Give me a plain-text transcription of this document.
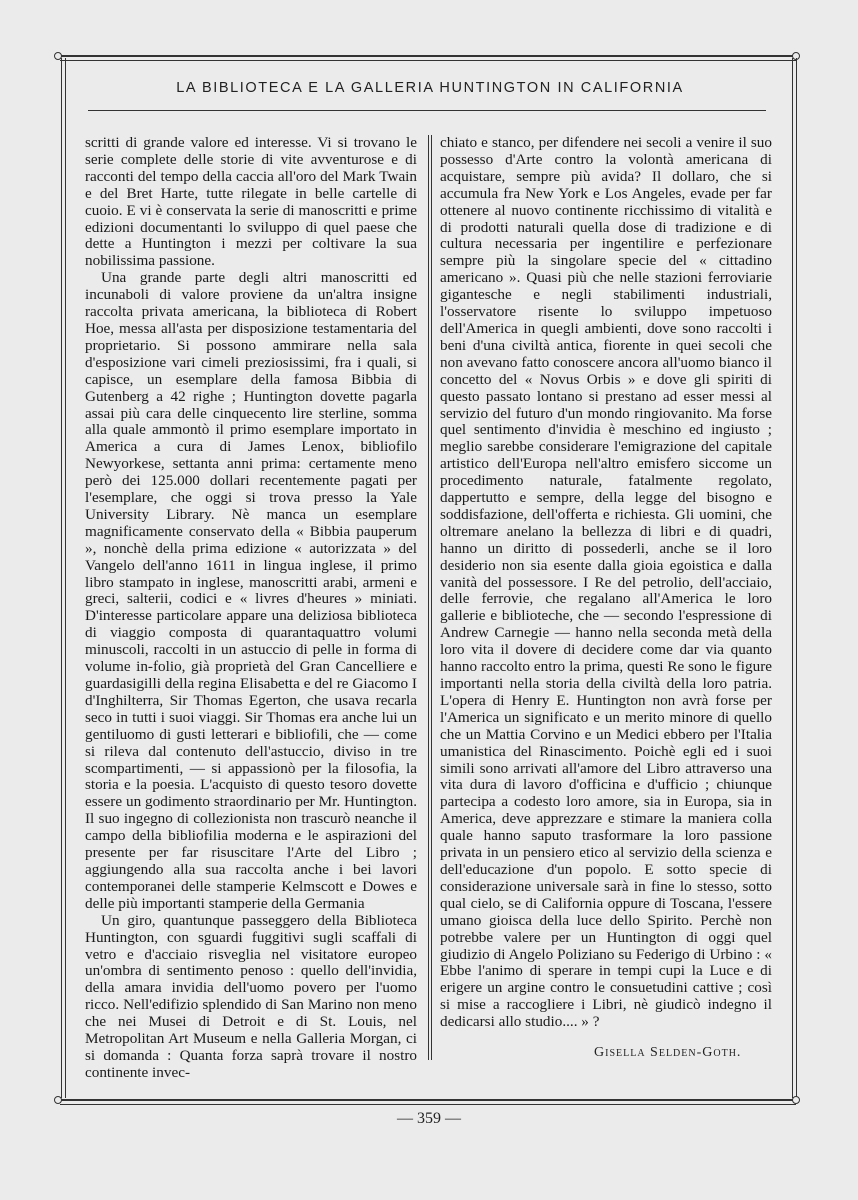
LA BIBLIOTECA E LA GALLERIA HUNTINGTON IN CALIFORNIA

scritti di grande valore ed interesse. Vi si trovano le serie complete delle storie di vite avventurose e di racconti del tempo della caccia all'oro del Mark Twain e del Bret Harte, tutte rilegate in belle cartelle di cuoio. E vi è conservata la serie di manoscritti e prime edizioni documentanti lo sviluppo di quel paese che dette a Huntington i mezzi per coltivare la sua nobilissima passione.

Una grande parte degli altri manoscritti ed incunaboli di valore proviene da un'altra insigne raccolta privata americana, la biblioteca di Robert Hoe, messa all'asta per disposizione testamentaria del proprietario. Si possono ammirare nella sala d'esposizione vari cimeli preziosissimi, fra i quali, si capisce, un esemplare della famosa Bibbia di Gutenberg a 42 righe ; Huntington dovette pagarla assai più cara delle cinquecento lire sterline, somma alla quale ammontò il primo esemplare importato in America a cura di James Lenox, bibliofilo Newyorkese, settanta anni prima: certamente meno però dei 125.000 dollari recentemente pagati per l'esemplare, che oggi si trova presso la Yale University Library. Nè manca un esemplare magnificamente conservato della « Bibbia pauperum », nonchè della prima edizione « autorizzata » del Vangelo dell'anno 1611 in lingua inglese, il primo libro stampato in inglese, manoscritti arabi, armeni e greci, salterii, codici e « livres d'heures » miniati. D'interesse particolare appare una deliziosa biblioteca di viaggio composta di quarantaquattro volumi minuscoli, raccolti in un astuccio di pelle in forma di volume in-folio, già proprietà del Gran Cancelliere e guardasigilli della regina Elisabetta e del re Giacomo I d'Inghilterra, Sir Thomas Egerton, che usava recarla seco in tutti i suoi viaggi. Sir Thomas era anche lui un gentiluomo di gusti letterari e bibliofili, che — come si rileva dal contenuto dell'astuccio, diviso in tre scompartimenti, — si appassionò per la filosofia, la storia e la poesia. L'acquisto di questo tesoro dovette essere un godimento straordinario per Mr. Huntington. Il suo ingegno di collezionista non trascurò neanche il campo della bibliofilia moderna e le aspirazioni del presente per far risuscitare l'Arte del Libro ; aggiungendo alla sua raccolta anche i bei lavori contemporanei delle stamperie Kelmscott e Dowes e delle più importanti stamperie della Germania

Un giro, quantunque passeggero della Biblioteca Huntington, con sguardi fuggitivi sugli scaffali di vetro e d'acciaio risveglia nel visitatore europeo un'ombra di sentimento penoso : quello dell'invidia, della amara invidia dell'uomo povero per l'uomo ricco. Nell'edifizio splendido di San Marino non meno che nei Musei di Detroit e di St. Louis, nel Metropolitan Art Museum e nella Galleria Morgan, ci si domanda : Quanta forza saprà trovare il nostro continente invec-

chiato e stanco, per difendere nei secoli a venire il suo possesso d'Arte contro la volontà americana di acquistare, sempre più avida? Il dollaro, che si accumula fra New York e Los Angeles, evade per far ottenere al nuovo continente ricchissimo di vitalità e di prodotti naturali quella dose di tradizione e di cultura necessaria per ingentilire e perfezionare sempre più la singolare specie del « cittadino americano ». Quasi più che nelle stazioni ferroviarie gigantesche e negli stabilimenti industriali, l'osservatore risente lo sviluppo impetuoso dell'America in quegli ambienti, dove sono raccolti i beni d'una civiltà antica, fiorente in quei secoli che non avevano fatto conoscere ancora all'uomo bianco il concetto del « Novus Orbis » e dove gli spiriti di questo passato lontano si prestano ad esser messi al servizio del futuro d'un mondo ringiovanito. Ma forse quel sentimento d'invidia è meschino ed ingiusto ; meglio sarebbe considerare l'emigrazione del capitale artistico dell'Europa nell'altro emisfero siccome un procedimento naturale, fatalmente regolato, dappertutto e sempre, della legge del bisogno e soddisfazione, dell'offerta e richiesta. Gli uomini, che oltremare anelano la bellezza di libri e di quadri, hanno un diritto di possederli, anche se il loro desiderio non sia esente dalla gioia egoistica e dalla vanità del possessore. I Re del petrolio, dell'acciaio, delle ferrovie, che regalano all'America le loro gallerie e biblioteche, che — secondo l'espressione di Andrew Carnegie — hanno nella seconda metà della loro vita il dovere di decidere come dar via quanto hanno raccolto entro la prima, questi Re sono le figure importanti nella storia della civiltà della loro patria. L'opera di Henry E. Huntington non avrà forse per l'America un significato e un merito minore di quello che un Mattia Corvino e un Medici ebbero per l'Italia umanistica del Rinascimento. Poichè egli ed i suoi simili sono arrivati all'amore del Libro attraverso una vita dura di lavoro d'officina e d'ufficio ; chiunque partecipa a codesto loro amore, sia in Europa, sia in America, deve apprezzare e stimare la maniera colla quale hanno saputo trasformare la loro passione privata in un pensiero etico al servizio della scienza e dell'educazione d'un popolo. E sotto specie di considerazione universale sarà in fine lo stesso, sotto qual cielo, se di California oppure di Toscana, l'essere umano gioisca della luce dello Spirito. Perchè non potrebbe valere per un Huntington di oggi quel giudizio di Angelo Poliziano su Federigo di Urbino : « Ebbe l'animo di sperare in tempi cupi la Luce e di erigere un argine contro le consuetudini cattive ; così si mise a raccogliere i Libri, nè giudicò indegno il dedicarsi allo studio.... » ?

Gisella Selden-Goth.
— 359 —
